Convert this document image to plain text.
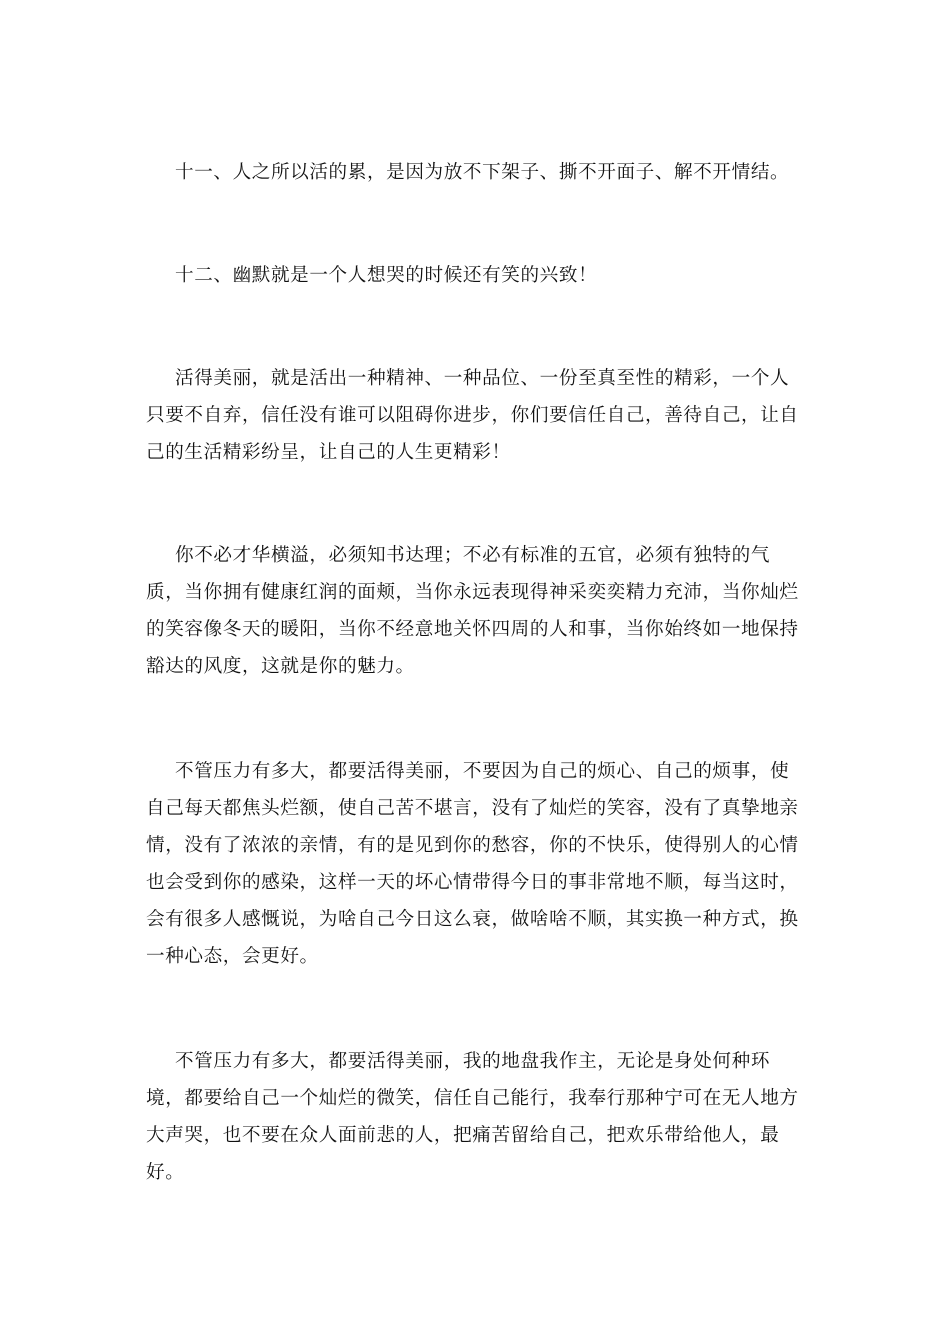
十一、人之所以活的累，是因为放不下架子、撕不开面子、解不开情结。

十二、幽默就是一个人想哭的时候还有笑的兴致！

活得美丽，就是活出一种精神、一种品位、一份至真至性的精彩，一个人只要不自弃，信任没有谁可以阻碍你进步，你们要信任自己，善待自己，让自己的生活精彩纷呈，让自己的人生更精彩！

你不必才华横溢，必须知书达理；不必有标准的五官，必须有独特的气质，当你拥有健康红润的面颊，当你永远表现得神采奕奕精力充沛，当你灿烂的笑容像冬天的暖阳，当你不经意地关怀四周的人和事，当你始终如一地保持豁达的风度，这就是你的魅力。

不管压力有多大，都要活得美丽，不要因为自己的烦心、自己的烦事，使自己每天都焦头烂额，使自己苦不堪言，没有了灿烂的笑容，没有了真挚地亲情，没有了浓浓的亲情，有的是见到你的愁容，你的不快乐，使得别人的心情也会受到你的感染，这样一天的坏心情带得今日的事非常地不顺，每当这时，会有很多人感慨说，为啥自己今日这么衰，做啥啥不顺，其实换一种方式，换一种心态，会更好。

不管压力有多大，都要活得美丽，我的地盘我作主，无论是身处何种环境，都要给自己一个灿烂的微笑，信任自己能行，我奉行那种宁可在无人地方大声哭，也不要在众人面前悲的人，把痛苦留给自己，把欢乐带给他人，最好。
